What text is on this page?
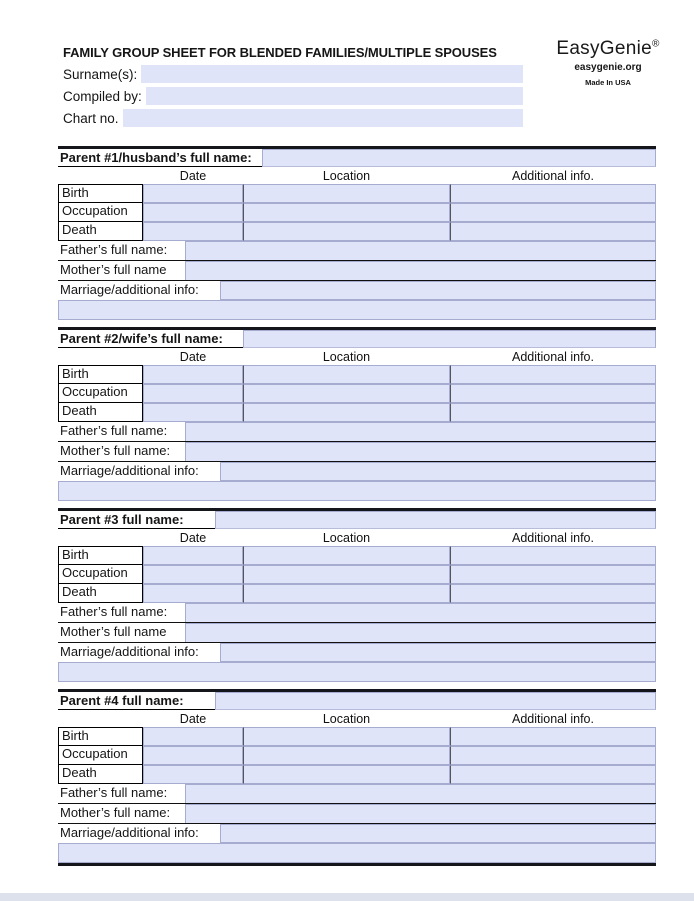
FAMILY GROUP SHEET FOR BLENDED FAMILIES/MULTIPLE SPOUSES
Surname(s):
Compiled by:
Chart no.
EasyGenie®
easygenie.org
Made In USA
Parent #1/husband’s full name:
Date	Location	Additional info.
Birth
Occupation
Death
Father’s full name:
Mother’s full name
Marriage/additional info:
Parent #2/wife’s full name:
Date	Location	Additional info.
Birth
Occupation
Death
Father’s full name:
Mother’s full name:
Marriage/additional info:
Parent #3 full name:
Date	Location	Additional info.
Birth
Occupation
Death
Father’s full name:
Mother’s full name
Marriage/additional info:
Parent #4 full name:
Date	Location	Additional info.
Birth
Occupation
Death
Father’s full name:
Mother’s full name:
Marriage/additional info:
